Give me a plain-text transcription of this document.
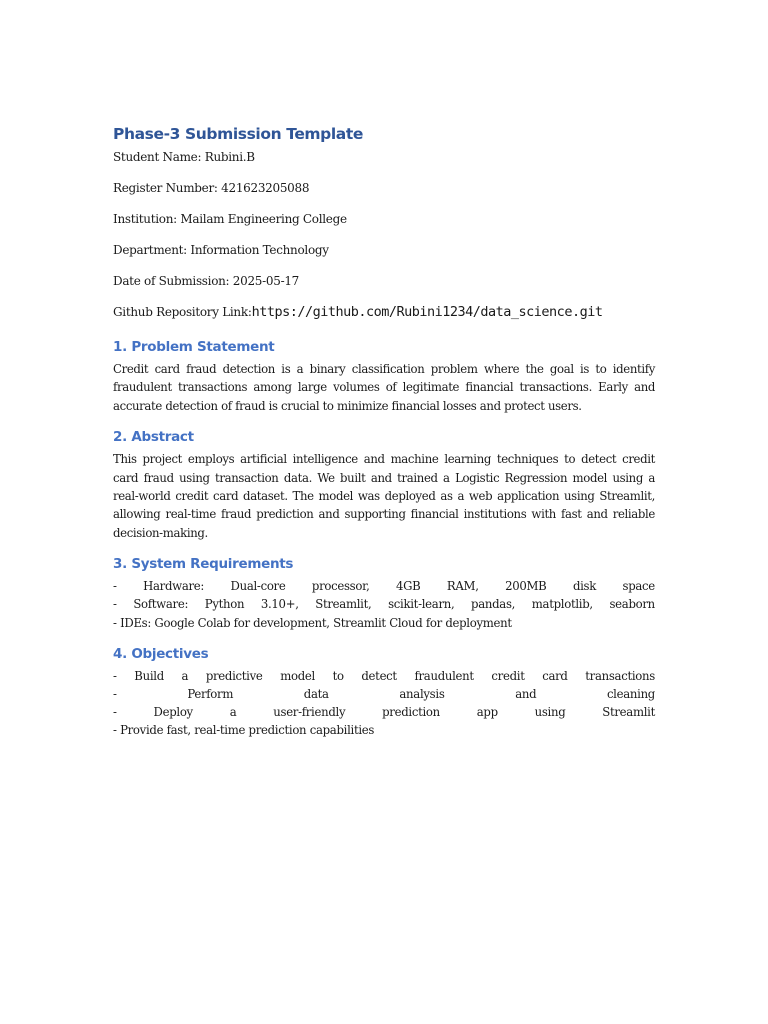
Phase-3 Submission Template
Student Name: Rubini.B
Register Number: 421623205088
Institution: Mailam Engineering College
Department: Information Technology
Date of Submission: 2025-05-17
Github Repository Link:https://github.com/Rubini1234/data_science.git
1. Problem Statement
Credit card fraud detection is a binary classification problem where the goal is to identify fraudulent transactions among large volumes of legitimate financial transactions. Early and accurate detection of fraud is crucial to minimize financial losses and protect users.
2. Abstract
This project employs artificial intelligence and machine learning techniques to detect credit card fraud using transaction data. We built and trained a Logistic Regression model using a real-world credit card dataset. The model was deployed as a web application using Streamlit, allowing real-time fraud prediction and supporting financial institutions with fast and reliable decision-making.
3. System Requirements
- Hardware: Dual-core processor, 4GB RAM, 200MB disk space
- Software: Python 3.10+, Streamlit, scikit-learn, pandas, matplotlib, seaborn
- IDEs: Google Colab for development, Streamlit Cloud for deployment
4. Objectives
- Build a predictive model to detect fraudulent credit card transactions
-	Perform	data	analysis	and	cleaning
-	Deploy	a	user-friendly	prediction	app	using	Streamlit
- Provide fast, real-time prediction capabilities
